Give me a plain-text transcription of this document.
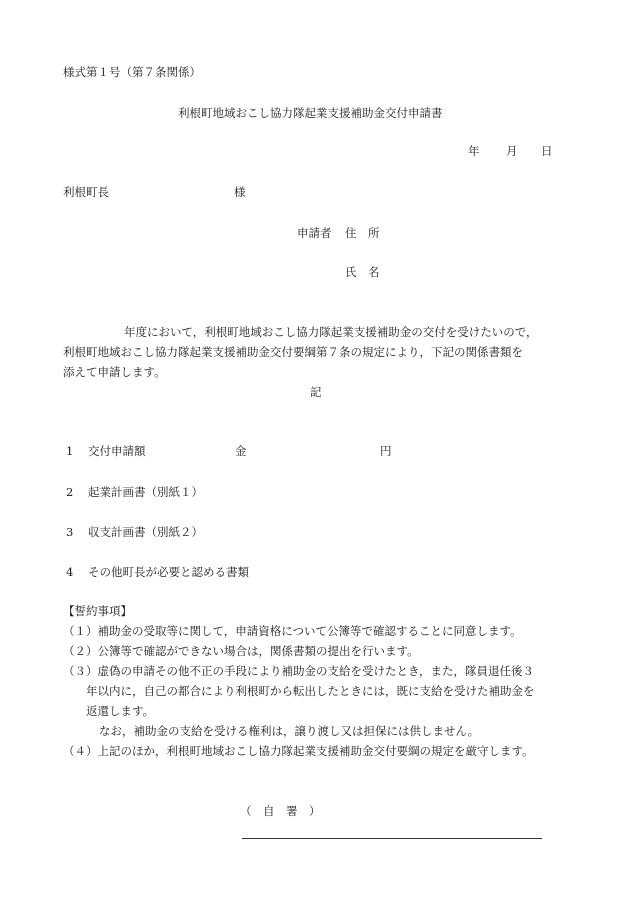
様式第１号（第７条関係）
利根町地域おこし協力隊起業支援補助金交付申請書
年 月 日
利根町長	様
申請者 住　所
氏　名
年度において，利根町地域おこし協力隊起業支援補助金の交付を受けたいので，
利根町地域おこし協力隊起業支援補助金交付要綱第７条の規定により，下記の関係書類を
添えて申請します。
記
1 交付申請額	金	円
2 起業計画書（別紙１）
3 収支計画書（別紙２）
4 その他町長が必要と認める書類
【誓約事項】
（１）補助金の受取等に関して，申請資格について公簿等で確認することに同意します。
（２）公簿等で確認ができない場合は，関係書類の提出を行います。
（３）虚偽の申請その他不正の手段により補助金の支給を受けたとき，また，隊員退任後３
年以内に，自己の都合により利根町から転出したときには，既に支給を受けた補助金を
返還します。
なお，補助金の支給を受ける権利は，譲り渡し又は担保には供しません。
（４）上記のほか，利根町地域おこし協力隊起業支援補助金交付要綱の規定を厳守します。
（　自　署　）
